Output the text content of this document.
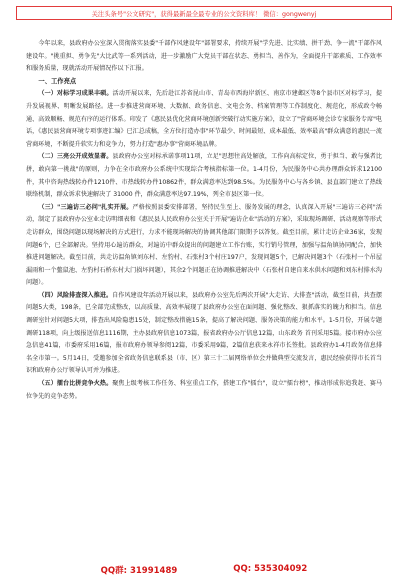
关注头条号"公文研究"，获得最新最全最专业的公文资料库！ 微信：gongwenyj

今年以来，县政府办公室深入贯彻落实县委"千部作风建设年"部署要求，持续开展"学先进、比实绩、拼干劲、争一流"干部作风建设年。"挑重担、勇争先"大比武等一系列活动，进一步激励广大党员干部在状态、勇担当、善作为，全面提升干部素质、工作效率和服务质量，现就活动开展情况作以下汇报。

一、工作亮点

（一）对标学习成果丰硕。活动开展以来，先后赴江苏省昆山市、青岛市西海岸新区、南京市建邺区等8个县市区对标学习，提升发展视界、明晰发展路径。进一步推进营商环境、大数据、政务信息、文电会务、档案管理等工作制度化、规范化，形成政令畅通、高效顺畅、规范有序的运行体系。印发了《惠民县优化营商环境创新突破行动实施方案》，设立了"营商环境会诊专家服务专席"电话，《惠民县营商环境专项事迹汇编》已汇总成稿，全方位打造办事"环节最少、时间最短、成本最低、效率最高"群众满意的惠民一流营商环境，不断提升软实力和竞争力，努力打造"惠办事"营商环境品牌。

（二）三亮公开成效显著。县政府办公室对标承诺事项11项，立足"思想往高处解放，工作向高标定位，勇于担当、敢与强者比拼，敢向第一挑战"的原则，力争在全市政府办公系统中实现综合考核指标第一位。1-4月份，为民服务中心共办理群众诉求12100件，其中咨询热线转办件1210件、市热线转办件10862件，群众满意率达到98.5%。为民服务中心与各乡镇、县直部门建立了热线联络机制，群众诉求快速解决了 31000 件，群众满意率达97.19%，列全市县区第一位。

（三）"三遍访三必问"扎实开展。严格按照县委安排部署，坚持民生至上、服务发展的理念，认真深入开展"三遍访三必问"活动，制定了县政府办公室业走访明细表和《惠民县人民政府办公室关于开展"遍访企业"活动的方案》，采取现场调研、活动观察等形式走访群众，围绕问题以现场解决的方式进行，力求不能现场解决的协调其他部门限期予以答复。截至目前，累计走访企业36家，发现问题6个，已全部解决。坚持用心遍访群众，对遍访中群众提出的问题建立工作台账，实行销号管理，加强与温角镇协同配合，加快推进问题解决。截至目前，共走访温角镇刘东村、左豹村、石张村3个村庄197户，发现问题5个，已解决问题3个（石张村一个吊屋漏雨和一个鳌鼠池、左豹村石桥东村大门损坏问题），其余2个问题正在协调推进解决中（石张村自建自来水供水问题和刘东村排水沟问题）。

（四）风险排查深入推进。自作风建设年活动开展以来，县政府办公室先后两次开展"大走访、大排查"活动，截至目前，共查摆问题5大类，198条，已全部完成整改，以高质量、高效率展现了县政府办公室在面问题、强化整改、狠抓落实的魄力和担当。信息调研室针对问题5大项，排查出风险隐患15处，制定整改措施15条，提高了解决问题、服务决策的能力和水平。1-5月份，开展专题调研118项，向上级报送信息1116期，主办县政府信息1073篇，报省政府办公厅信息12篇，山东政务 首刊采用5篇。接市府办公应急信息41篇，市委府采用16篇，报市政府办领导参阅12篇，市委采用9篇，2篇信息获来永祥市长签批。县政府办1-4月政务信息排名全市第一。5月14日，受邀参加全省政务信息联系县（市、区）第三十二届网络单位会并做典型交流发言，惠民经验获得市长首当识和政府办公厅领导认可并为推进。

（五）擂台比拼竞争火热。聚焦上级考核工作任务、科室重点工作，搭建工作"擂台"，设立"擂台榜"，推动形成你追我赶、赛马位争先的竞争态势。

QQ群: 31991489	QQ: 535304092
